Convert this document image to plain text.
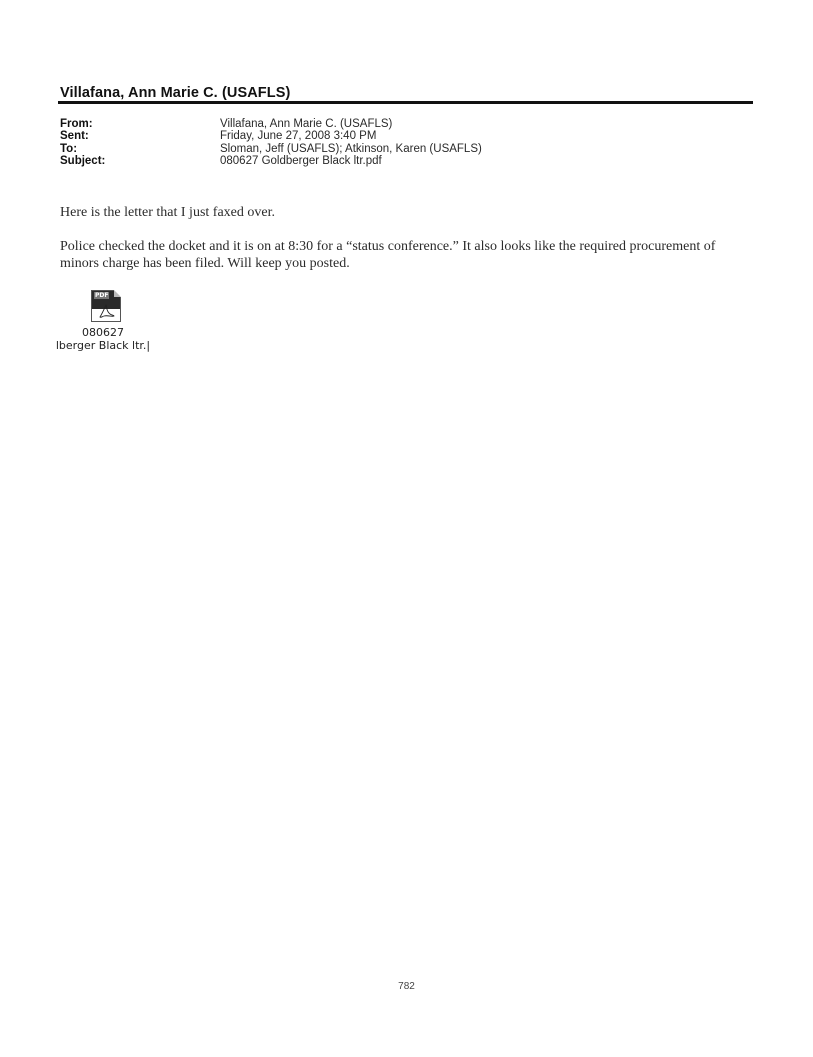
Villafana, Ann Marie C. (USAFLS)
From:	Villafana, Ann Marie C. (USAFLS)
Sent:	Friday, June 27, 2008 3:40 PM
To:	Sloman, Jeff (USAFLS); Atkinson, Karen (USAFLS)
Subject:	080627 Goldberger Black ltr.pdf
Here is the letter that I just faxed over.
Police checked the docket and it is on at 8:30 for a “status conference.” It also looks like the required procurement of minors charge has been filed. Will keep you posted.
PDF
080627
lberger Black ltr.|
782
